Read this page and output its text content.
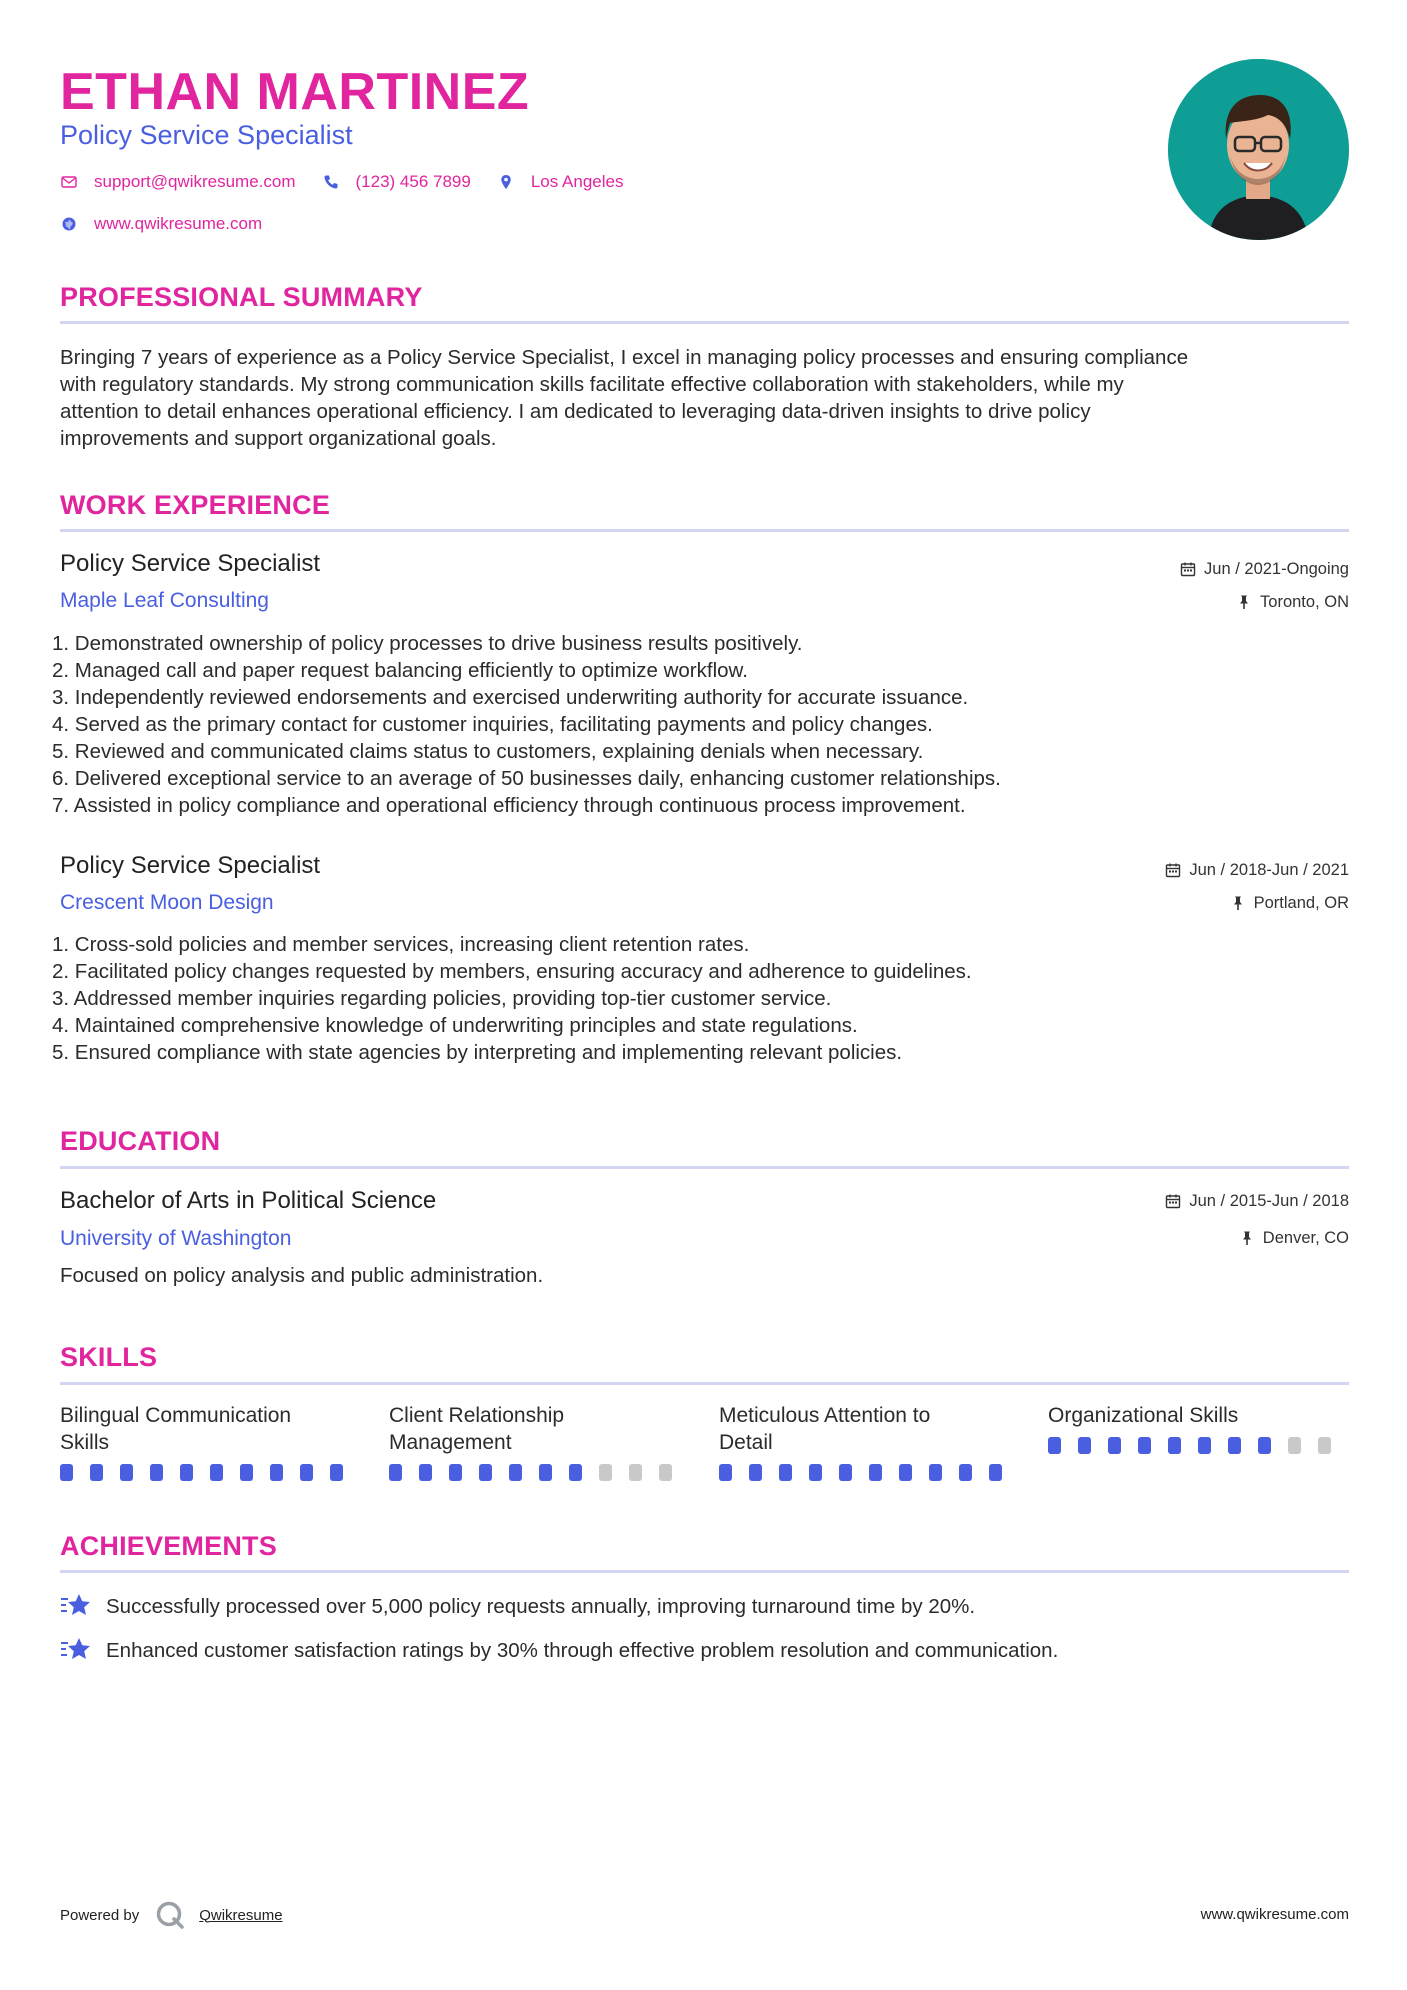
ETHAN MARTINEZ
Policy Service Specialist
support@qwikresume.com	(123) 456 7899	Los Angeles
www.qwikresume.com
PROFESSIONAL SUMMARY
Bringing 7 years of experience as a Policy Service Specialist, I excel in managing policy processes and ensuring compliance
with regulatory standards. My strong communication skills facilitate effective collaboration with stakeholders, while my
attention to detail enhances operational efficiency. I am dedicated to leveraging data-driven insights to drive policy
improvements and support organizational goals.
WORK EXPERIENCE
Policy Service Specialist
Maple Leaf Consulting
Jun / 2021-Ongoing
Toronto, ON
1. Demonstrated ownership of policy processes to drive business results positively.
2. Managed call and paper request balancing efficiently to optimize workflow.
3. Independently reviewed endorsements and exercised underwriting authority for accurate issuance.
4. Served as the primary contact for customer inquiries, facilitating payments and policy changes.
5. Reviewed and communicated claims status to customers, explaining denials when necessary.
6. Delivered exceptional service to an average of 50 businesses daily, enhancing customer relationships.
7. Assisted in policy compliance and operational efficiency through continuous process improvement.
Policy Service Specialist
Crescent Moon Design
Jun / 2018-Jun / 2021
Portland, OR
1. Cross-sold policies and member services, increasing client retention rates.
2. Facilitated policy changes requested by members, ensuring accuracy and adherence to guidelines.
3. Addressed member inquiries regarding policies, providing top-tier customer service.
4. Maintained comprehensive knowledge of underwriting principles and state regulations.
5. Ensured compliance with state agencies by interpreting and implementing relevant policies.
EDUCATION
Bachelor of Arts in Political Science
University of Washington
Jun / 2015-Jun / 2018
Denver, CO
Focused on policy analysis and public administration.
SKILLS
Bilingual Communication
Skills
Client Relationship
Management
Meticulous Attention to
Detail
Organizational Skills
ACHIEVEMENTS
Successfully processed over 5,000 policy requests annually, improving turnaround time by 20%.
Enhanced customer satisfaction ratings by 30% through effective problem resolution and communication.
Powered by	Qwikresume	www.qwikresume.com
